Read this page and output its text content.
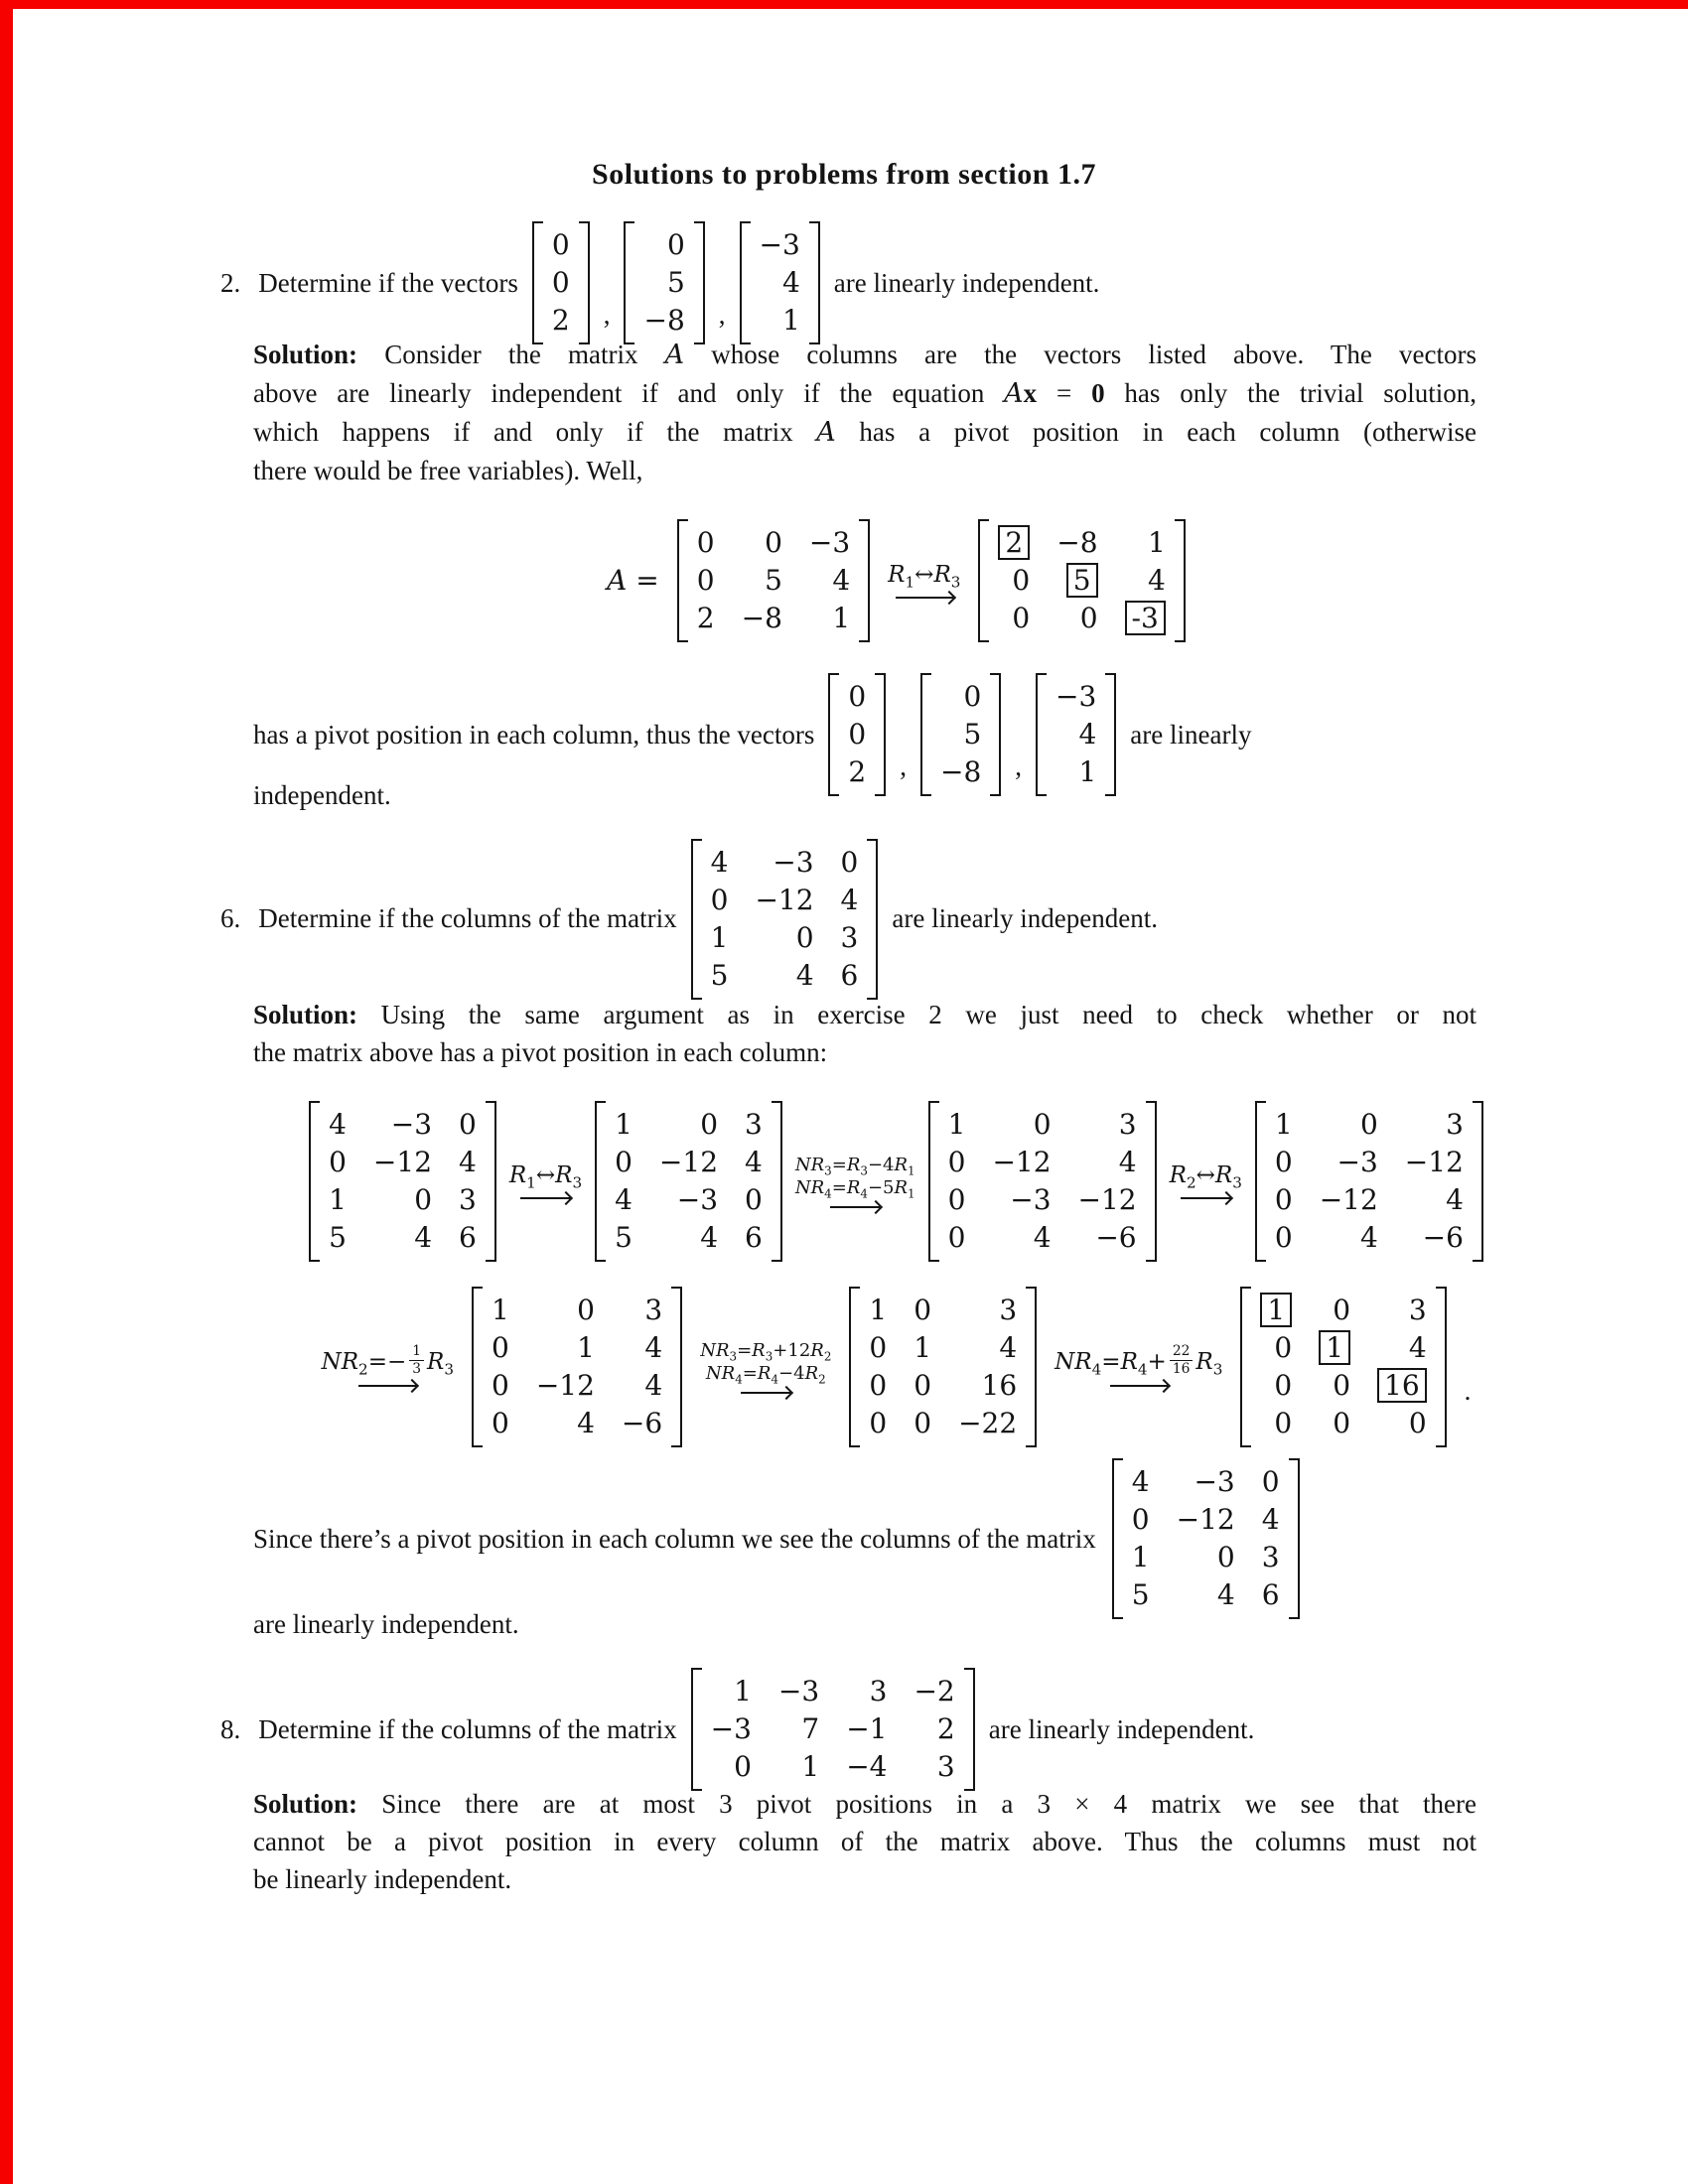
Solutions to problems from section 1.7
2. Determine if the vectors
0
0
2 ,
0
5
−8 ,
−3
4
1
are linearly independent.
Solution: Consider the matrix A whose columns are the vectors listed above. The vectors
above are linearly independent if and only if the equation Ax = 0 has only the trivial solution,
which happens if and only if the matrix A has a pivot position in each column (otherwise
there would be free variables). Well,
A =
0	0 −3
0	5	4
2 −8	1
$R_1\leftrightarrow R_3$
2 −8	1
0	5	4
0	0 -3
has a pivot position in each column, thus the vectors
0
0
2 ,
0
5
−8 ,
−3
4
1
are linearly
independent.
6. Determine if the columns of the matrix
4	−3 0
0 −12 4
1	0 3
5	4 6
are linearly independent.
Solution: Using the same argument as in exercise 2 we just need to check whether or not
the matrix above has a pivot position in each column:
4	−3 0
0 −12 4
1	0 3
5	4 6
$R_1\leftrightarrow R_3$
1	0 3
0 −12 4
4	−3 0
5	4 6
$NR_3=R_3-4R_1$
$NR_4=R_4-5R_1$
1	0	3
0 −12	4
0	−3 −12
0	4	−6
$R_2\leftrightarrow R_3$
1	0	3
0	−3 −12
0 −12	4
0	4	−6
$NR_2=- \frac{1}{3} R_3$
1	0	3
0	1	4
0 −12	4
0	4 −6
$NR_3=R_3+12R_2$
$NR_4=R_4-4R_2$
1 0	3
0 1	4
0 0	16
0 0 −22
$NR_4=R_4+ \frac{22}{16} R_3$
1	0	3
0 1	4
0	0 16
0	0	0
.
Since there’s a pivot position in each column we see the columns of the matrix
4	−3 0
0 −12 4
1	0 3
5	4 6
are linearly independent.
8. Determine if the columns of the matrix
1 −3	3 −2
−3	7 −1	2
0	1 −4	3
are linearly independent.
Solution: Since there are at most 3 pivot positions in a 3 × 4 matrix we see that there
cannot be a pivot position in every column of the matrix above. Thus the columns must not
be linearly independent.
